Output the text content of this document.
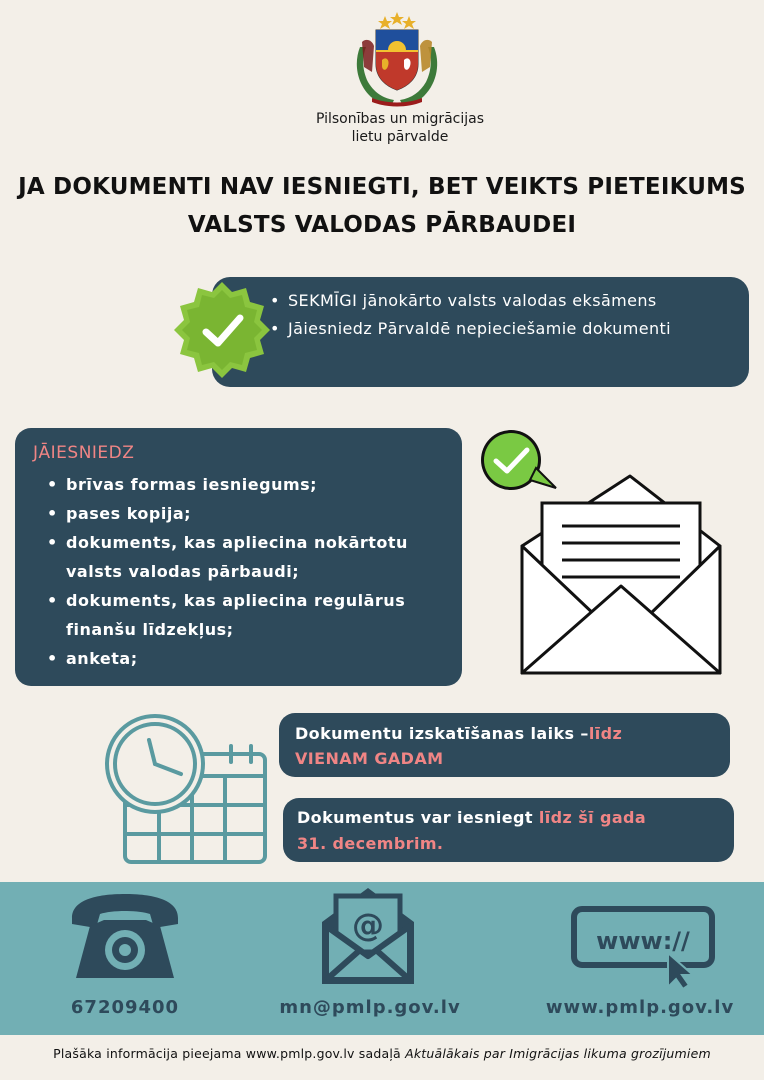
Pilsonības un migrācijas
lietu pārvalde
JA DOKUMENTI NAV IESNIEGTI, BET VEIKTS PIETEIKUMS
VALSTS VALODAS PĀRBAUDEI
• SEKMĪGI jānokārto valsts valodas eksāmens
• Jāiesniedz Pārvaldē nepieciešamie dokumenti
JĀIESNIEDZ
• brīvas formas iesniegums;
• pases kopija;
• dokuments, kas apliecina nokārtotu valsts valodas pārbaudi;
• dokuments, kas apliecina regulārus finanšu līdzekļus;
• anketa;
Dokumentu izskatīšanas laiks –līdz
VIENAM GADAM
Dokumentus var iesniegt līdz šī gada
31. decembrim.
@	www://
67209400	mn@pmlp.gov.lv	www.pmlp.gov.lv
Plašāka informācija pieejama www.pmlp.gov.lv sadaļā Aktuālākais par Imigrācijas likuma grozījumiem
